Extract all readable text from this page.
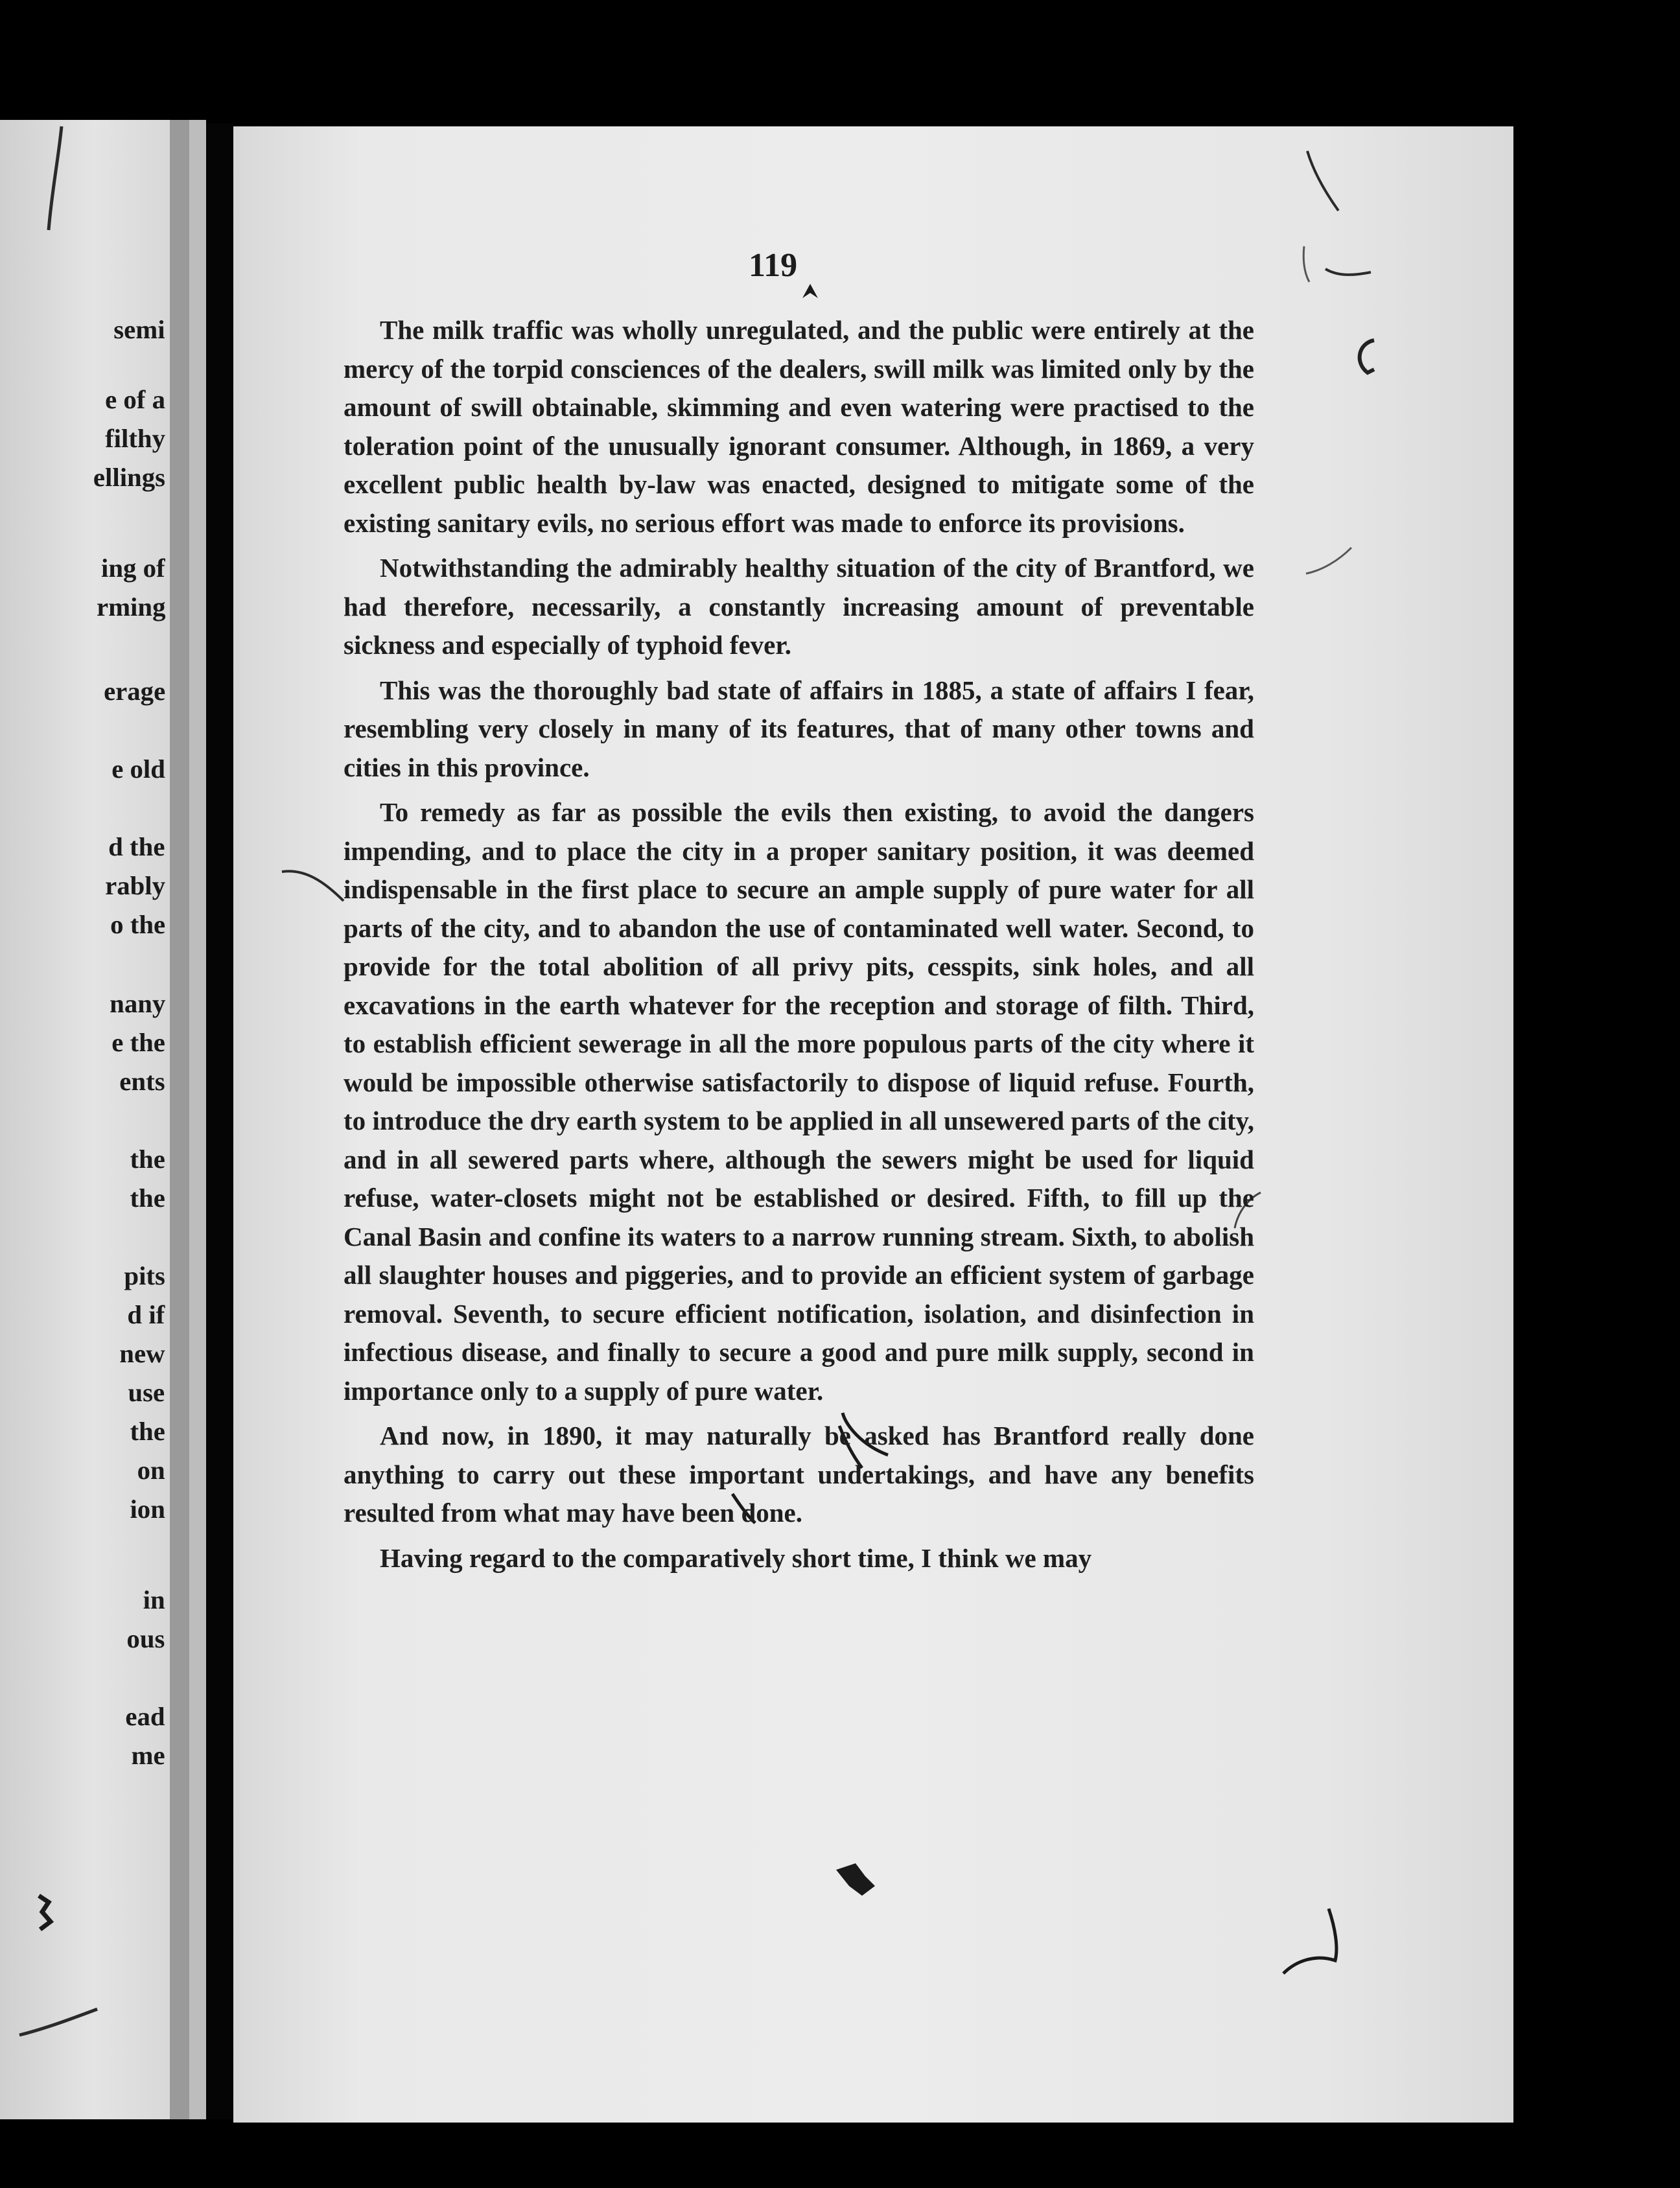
semi
e of a
filthy
ellings
ing of
rming
erage
e old
d the
rably
o the
nany
e the
ents
the
the
pits
d if
new
use
the
on
ion
in
ous
ead
me
119

The milk traffic was wholly unregulated, and the public were entirely at the mercy of the torpid consciences of the dealers, swill milk was limited only by the amount of swill obtainable, skimming and even watering were practised to the toleration point of the unusually ignorant consumer. Although, in 1869, a very excellent public health by-law was enacted, designed to mitigate some of the existing sanitary evils, no serious effort was made to enforce its provisions.

Notwithstanding the admirably healthy situation of the city of Brantford, we had therefore, necessarily, a constantly increasing amount of preventable sickness and especially of typhoid fever.

This was the thoroughly bad state of affairs in 1885, a state of affairs I fear, resembling very closely in many of its features, that of many other towns and cities in this province.

To remedy as far as possible the evils then existing, to avoid the dangers impending, and to place the city in a proper sanitary position, it was deemed indispensable in the first place to secure an ample supply of pure water for all parts of the city, and to abandon the use of contaminated well water. Second, to provide for the total abolition of all privy pits, cesspits, sink holes, and all excavations in the earth whatever for the reception and storage of filth. Third, to establish efficient sewerage in all the more populous parts of the city where it would be impossible otherwise satisfactorily to dispose of liquid refuse. Fourth, to introduce the dry earth system to be applied in all unsewered parts of the city, and in all sewered parts where, although the sewers might be used for liquid refuse, water-closets might not be established or desired. Fifth, to fill up the Canal Basin and confine its waters to a narrow running stream. Sixth, to abolish all slaughter houses and piggeries, and to provide an efficient system of garbage removal. Seventh, to secure efficient notification, isolation, and disinfection in infectious disease, and finally to secure a good and pure milk supply, second in importance only to a supply of pure water.

And now, in 1890, it may naturally be asked has Brantford really done anything to carry out these important undertakings, and have any benefits resulted from what may have been done.

Having regard to the comparatively short time, I think we may
